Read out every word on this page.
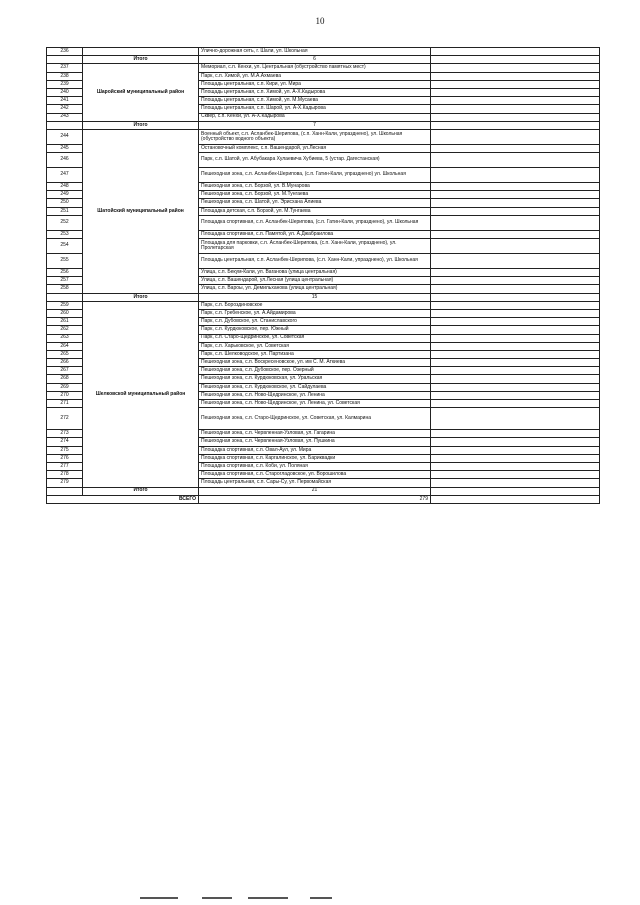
10
236		Улично-дорожная сеть, г. Шали, ул. Школьная	
	Итого	6	
237	Шаройский муниципальный район	Мемориал, с.п. Кенхи, ул. Центральная (обустройство памятных мест)	
238		Парк, с.п. Химой, ул. М.А.Ахмаева	
239		Площадь центральная, с.п. Кири, ул. Мира	
240		Площадь центральная, с.п. Химой, ул. А-Х.Кадырова	
241		Площадь центральная, с.п. Химой, ул. М.Мусаева	
242		Площадь центральная, с.п. Шарой, ул. А-Х.Кадырова	
243		Сквер, с.п. Кенхи, ул. А-Х.Кадырова	
	Итого	7	
244	Шатойский муниципальный район	Военный объект, с.п. Асланбек-Шерипова, (с.п. Ханн-Кали, упразднено), ул. Школьная (обустройство водного объекта)	
245		Остановочный комплекс, с.п. Вашендарой, ул.Лесная	
246		Парк, с.п. Шатой, ул. Абубакара Хулаевича Хубиева, 5 (устар. Дагестанская)	
247		Пешеходная зона, с.п. Асланбек-Шерипова, (с.п. Гатин-Кали, упразднено) ул. Школьная	
248		Пешеходная зона, с.п. Борзой, ул. В.Мунарова	
249		Пешеходная зона, с.п. Борзой, ул. М.Тунгаева	
250		Пешеходная зона, с.п. Шатой, ул. Эрисхана Алиева	
251		Площадка детская, с.п. Борзой, ул. М.Тунгаева	
252		Площадка спортивная, с.п. Асланбек-Шерипова, (с.п. Гатин-Кали, упразднено), ул. Школьная	
253		Площадка спортивная, с.п. Памятой, ул. А.Джабраилова	
254		Площадка для парковки, с.п. Асланбек-Шерипова, (с.п. Ханн-Кали, упразднено), ул. Пролетарская	
255		Площадь центральная, с.п. Асланбек-Шерипова, (с.п. Ханн-Кали, упразднено), ул. Школьная	
256		Улица, с.п. Бекум-Кали, ул. Ваганова (улица центральная)	
257		Улица, с.п. Вашендарой, ул.Лесная (улица центральная)	
258		Улица, с.п. Вароы, ул. Демильханова (улица центральная)	
	Итого	15	
259	Шелковской муниципальный район	Парк, с.п. Бороздиновское	
260		Парк, с.п. Гребенское, ул. А.Айдамирова	
261		Парк, с.п. Дубовское, ул. Станиславского	
262		Парк, с.п. Курдюковское, пер. Южный	
263		Парк, с.п. Старо-Щедринское, ул. Советская	
264		Парк, с.п. Харьковское, ул. Советская	
265		Парк, с.п. Шелководское, ул. Партизана	
266		Пешеходная зона, с.п. Воскресеновское, ул. им С. М. Аткиева	
267		Пешеходная зона, с.п. Дубовское, пер. Озерный	
268		Пешеходная зона, с.п. Курдюковская, ул. Уральская	
269		Пешеходная зона, с.п. Курдюковское, ул. Сайдулаева	
270		Пешеходная зона, с.п. Ново-Щедринское, ул. Ленина	
271		Пешеходная зона, с.п. Ново-Щедринское, ул. Ленина, ул. Советская	
272		Пешеходная зона, с.п. Старо-Щедринское, ул. Советская, ул. Калмарина	
273		Пешеходная зона, с.п. Червленная-Узловая, ул. Гагарина	
274		Пешеходная зона, с.п. Червленная-Узловая, ул. Пушкина	
275		Площадка спортивная, с.п. Овал-Аул, ул. Мира	
276		Площадка спортивная, с.п. Каргалинское, ул. Бариквадки	
277		Площадка спортивная, с.п. Коби, ул. Поляная	
278		Площадка спортивная, с.п. Старогладовское, ул. Ворошилова	
279		Площадь центральная, с.п. Сары-Су, ул. Первомайская	
	Итого	21	
ВСЕГО		279	
